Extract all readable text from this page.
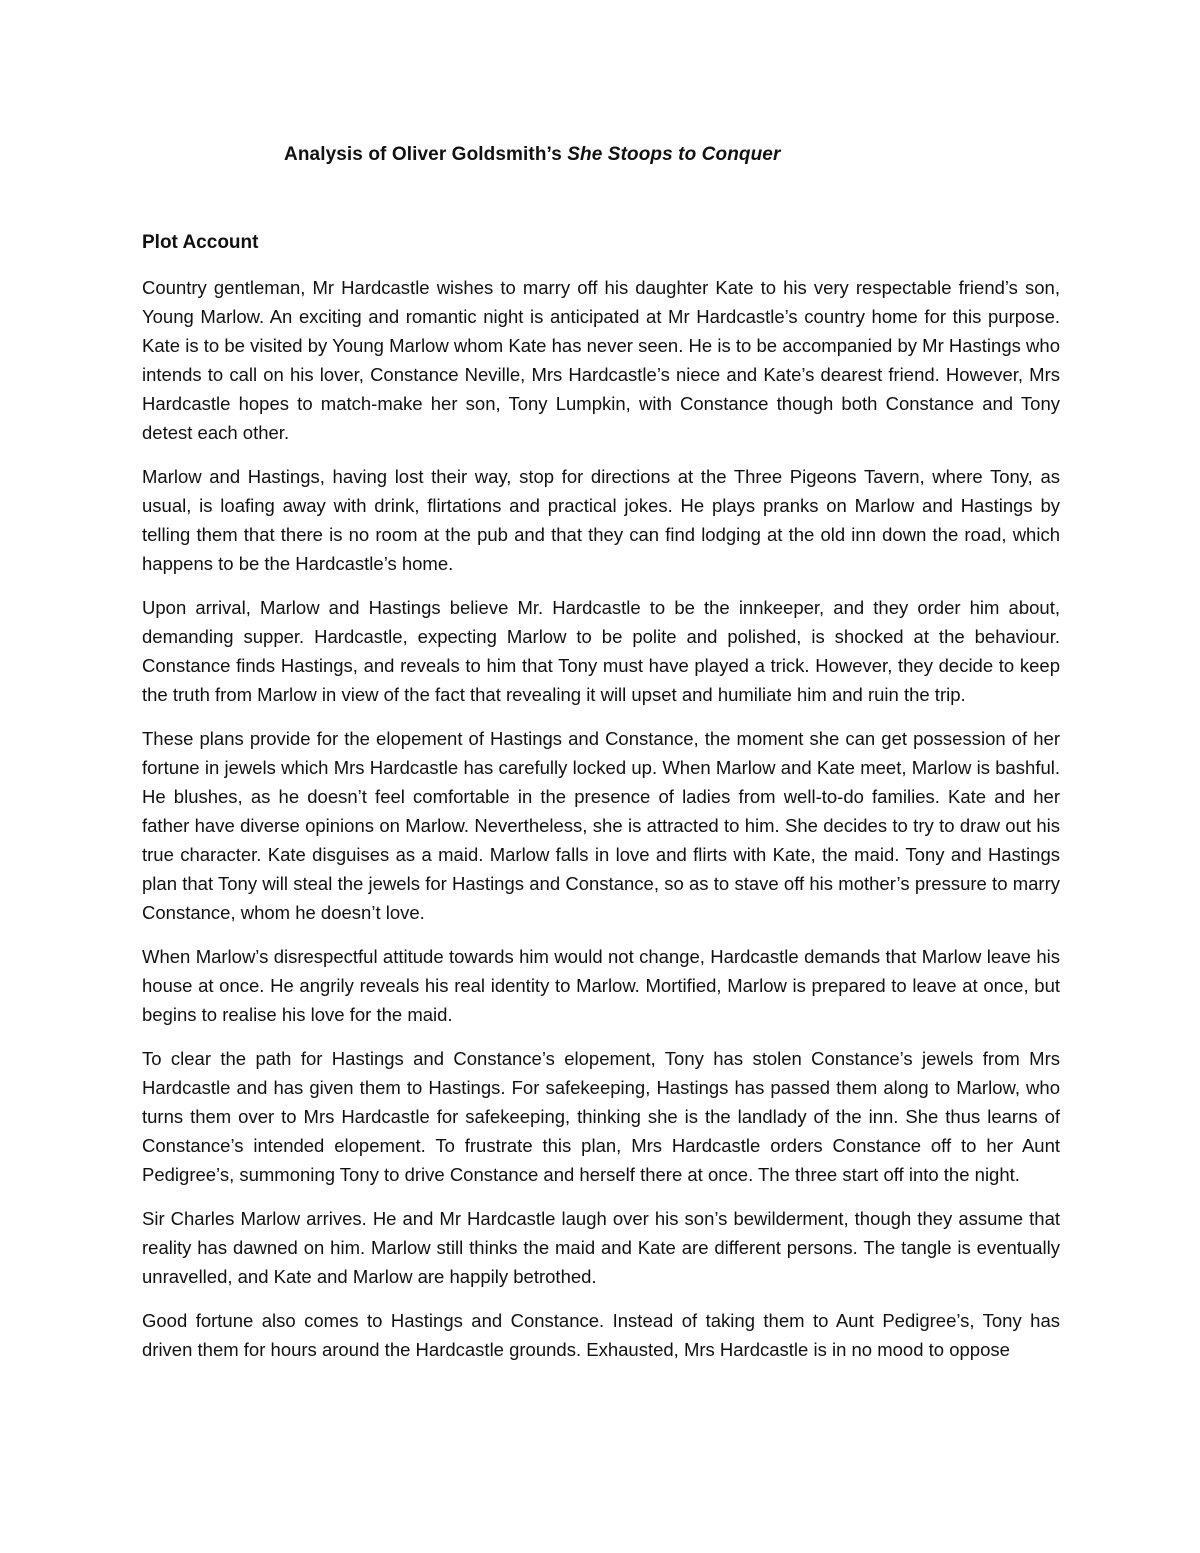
Analysis of Oliver Goldsmith’s She Stoops to Conquer
Plot Account

Country gentleman, Mr Hardcastle wishes to marry off his daughter Kate to his very respectable friend’s son, Young Marlow. An exciting and romantic night is anticipated at Mr Hardcastle’s country home for this purpose. Kate is to be visited by Young Marlow whom Kate has never seen. He is to be accompanied by Mr Hastings who intends to call on his lover, Constance Neville, Mrs Hardcastle’s niece and Kate’s dearest friend. However, Mrs Hardcastle hopes to match-make her son, Tony Lumpkin, with Constance though both Constance and Tony detest each other.

Marlow and Hastings, having lost their way, stop for directions at the Three Pigeons Tavern, where Tony, as usual, is loafing away with drink, flirtations and practical jokes. He plays pranks on Marlow and Hastings by telling them that there is no room at the pub and that they can find lodging at the old inn down the road, which happens to be the Hardcastle’s home.

Upon arrival, Marlow and Hastings believe Mr. Hardcastle to be the innkeeper, and they order him about, demanding supper. Hardcastle, expecting Marlow to be polite and polished, is shocked at the behaviour. Constance finds Hastings, and reveals to him that Tony must have played a trick. However, they decide to keep the truth from Marlow in view of the fact that revealing it will upset and humiliate him and ruin the trip.

These plans provide for the elopement of Hastings and Constance, the moment she can get possession of her fortune in jewels which Mrs Hardcastle has carefully locked up. When Marlow and Kate meet, Marlow is bashful. He blushes, as he doesn’t feel comfortable in the presence of ladies from well-to-do families. Kate and her father have diverse opinions on Marlow. Nevertheless, she is attracted to him. She decides to try to draw out his true character. Kate disguises as a maid. Marlow falls in love and flirts with Kate, the maid. Tony and Hastings plan that Tony will steal the jewels for Hastings and Constance, so as to stave off his mother’s pressure to marry Constance, whom he doesn’t love.

When Marlow’s disrespectful attitude towards him would not change, Hardcastle demands that Marlow leave his house at once. He angrily reveals his real identity to Marlow. Mortified, Marlow is prepared to leave at once, but begins to realise his love for the maid.

To clear the path for Hastings and Constance’s elopement, Tony has stolen Constance’s jewels from Mrs Hardcastle and has given them to Hastings. For safekeeping, Hastings has passed them along to Marlow, who turns them over to Mrs Hardcastle for safekeeping, thinking she is the landlady of the inn. She thus learns of Constance’s intended elopement. To frustrate this plan, Mrs Hardcastle orders Constance off to her Aunt Pedigree’s, summoning Tony to drive Constance and herself there at once. The three start off into the night.

Sir Charles Marlow arrives. He and Mr Hardcastle laugh over his son’s bewilderment, though they assume that reality has dawned on him. Marlow still thinks the maid and Kate are different persons. The tangle is eventually unravelled, and Kate and Marlow are happily betrothed.

Good fortune also comes to Hastings and Constance. Instead of taking them to Aunt Pedigree’s, Tony has driven them for hours around the Hardcastle grounds. Exhausted, Mrs Hardcastle is in no mood to oppose
